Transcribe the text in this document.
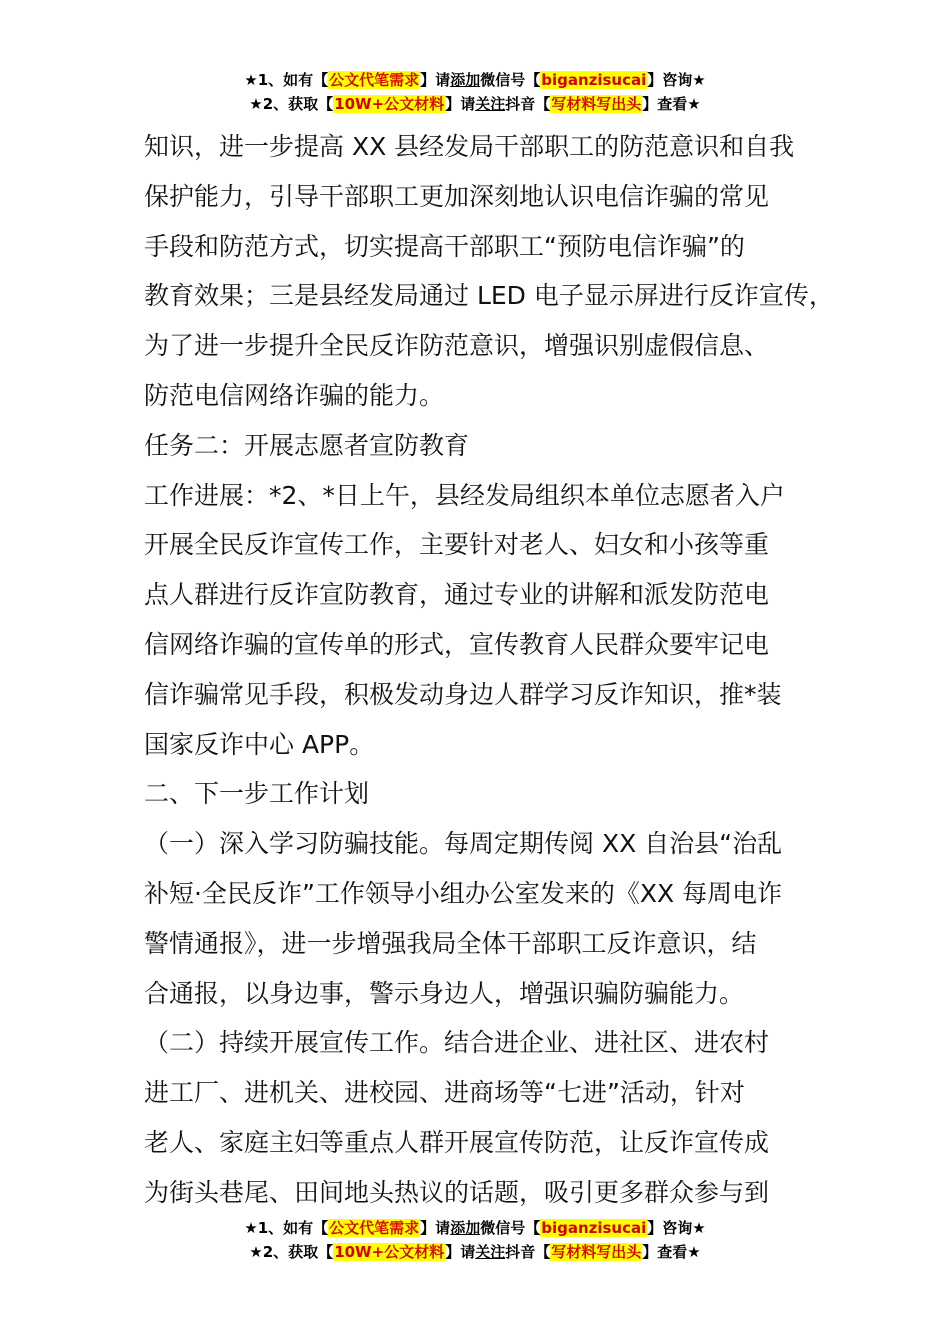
★1、如有【公文代笔需求】请添加微信号【biganzisucai】咨询★
★2、获取【10W+公文材料】请关注抖音【写材料写出头】查看★
知识，进一步提高 XX 县经发局干部职工的防范意识和自我
保护能力，引导干部职工更加深刻地认识电信诈骗的常见
手段和防范方式，切实提高干部职工“预防电信诈骗”的
教育效果；三是县经发局通过 LED 电子显示屏进行反诈宣传，
为了进一步提升全民反诈防范意识，增强识别虚假信息、
防范电信网络诈骗的能力。
任务二：开展志愿者宣防教育
工作进展：*2、*日上午，县经发局组织本单位志愿者入户
开展全民反诈宣传工作，主要针对老人、妇女和小孩等重
点人群进行反诈宣防教育，通过专业的讲解和派发防范电
信网络诈骗的宣传单的形式，宣传教育人民群众要牢记电
信诈骗常见手段，积极发动身边人群学习反诈知识，推*装
国家反诈中心 APP。
二、下一步工作计划
（一）深入学习防骗技能。每周定期传阅 XX 自治县“治乱
补短·全民反诈”工作领导小组办公室发来的《XX 每周电诈
警情通报》，进一步增强我局全体干部职工反诈意识，结
合通报，以身边事，警示身边人，增强识骗防骗能力。
（二）持续开展宣传工作。结合进企业、进社区、进农村
进工厂、进机关、进校园、进商场等“七进”活动，针对
老人、家庭主妇等重点人群开展宣传防范，让反诈宣传成
为街头巷尾、田间地头热议的话题，吸引更多群众参与到
★1、如有【公文代笔需求】请添加微信号【biganzisucai】咨询★
★2、获取【10W+公文材料】请关注抖音【写材料写出头】查看★
